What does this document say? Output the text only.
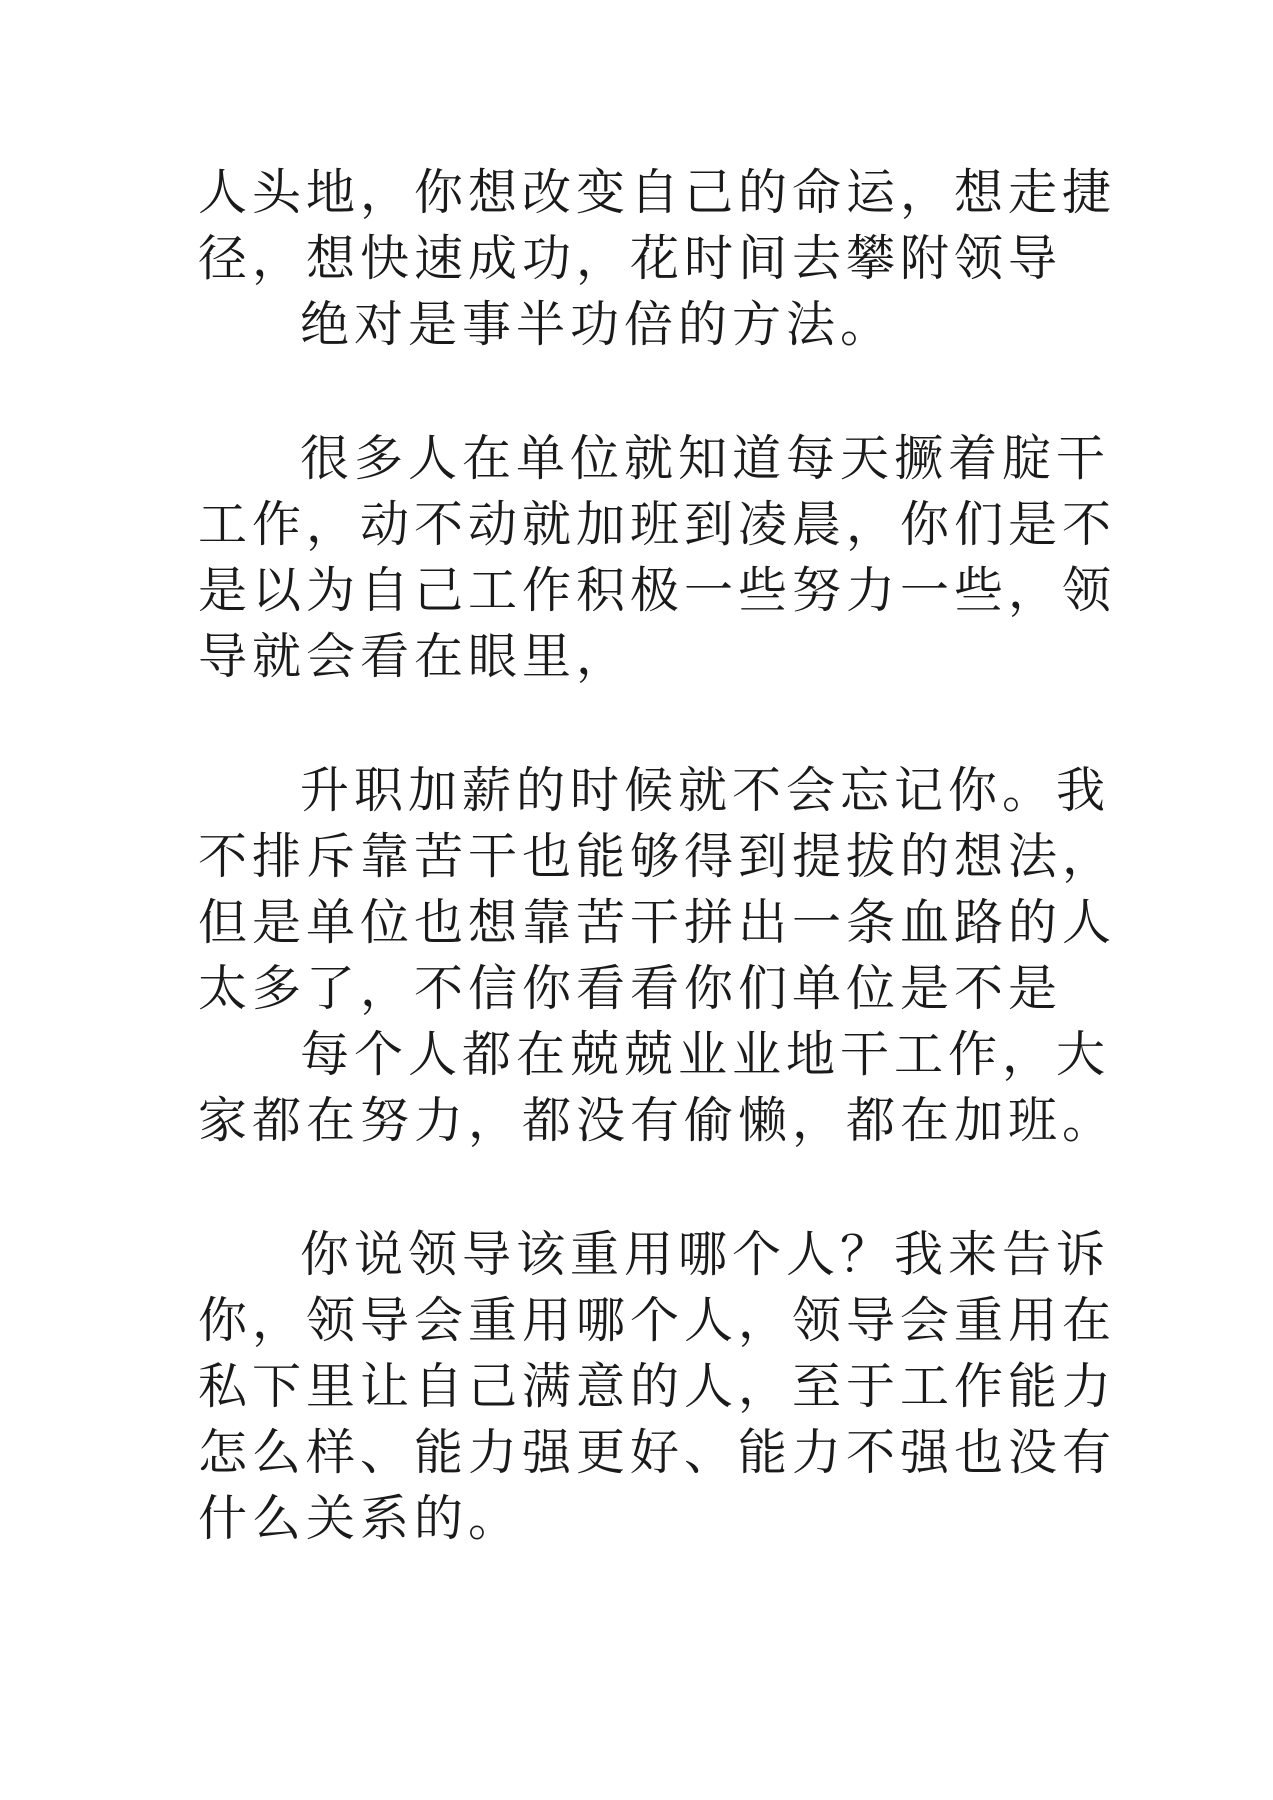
人头地，你想改变自己的命运，想走捷
径，想快速成功，花时间去攀附领导
绝对是事半功倍的方法。
很多人在单位就知道每天撅着腚干
工作，动不动就加班到凌晨，你们是不
是以为自己工作积极一些努力一些，领
导就会看在眼里，
升职加薪的时候就不会忘记你。我
不排斥靠苦干也能够得到提拔的想法，
但是单位也想靠苦干拼出一条血路的人
太多了，不信你看看你们单位是不是
每个人都在兢兢业业地干工作，大
家都在努力，都没有偷懒，都在加班。
你说领导该重用哪个人？我来告诉
你，领导会重用哪个人，领导会重用在
私下里让自己满意的人，至于工作能力
怎么样、能力强更好、能力不强也没有
什么关系的。
